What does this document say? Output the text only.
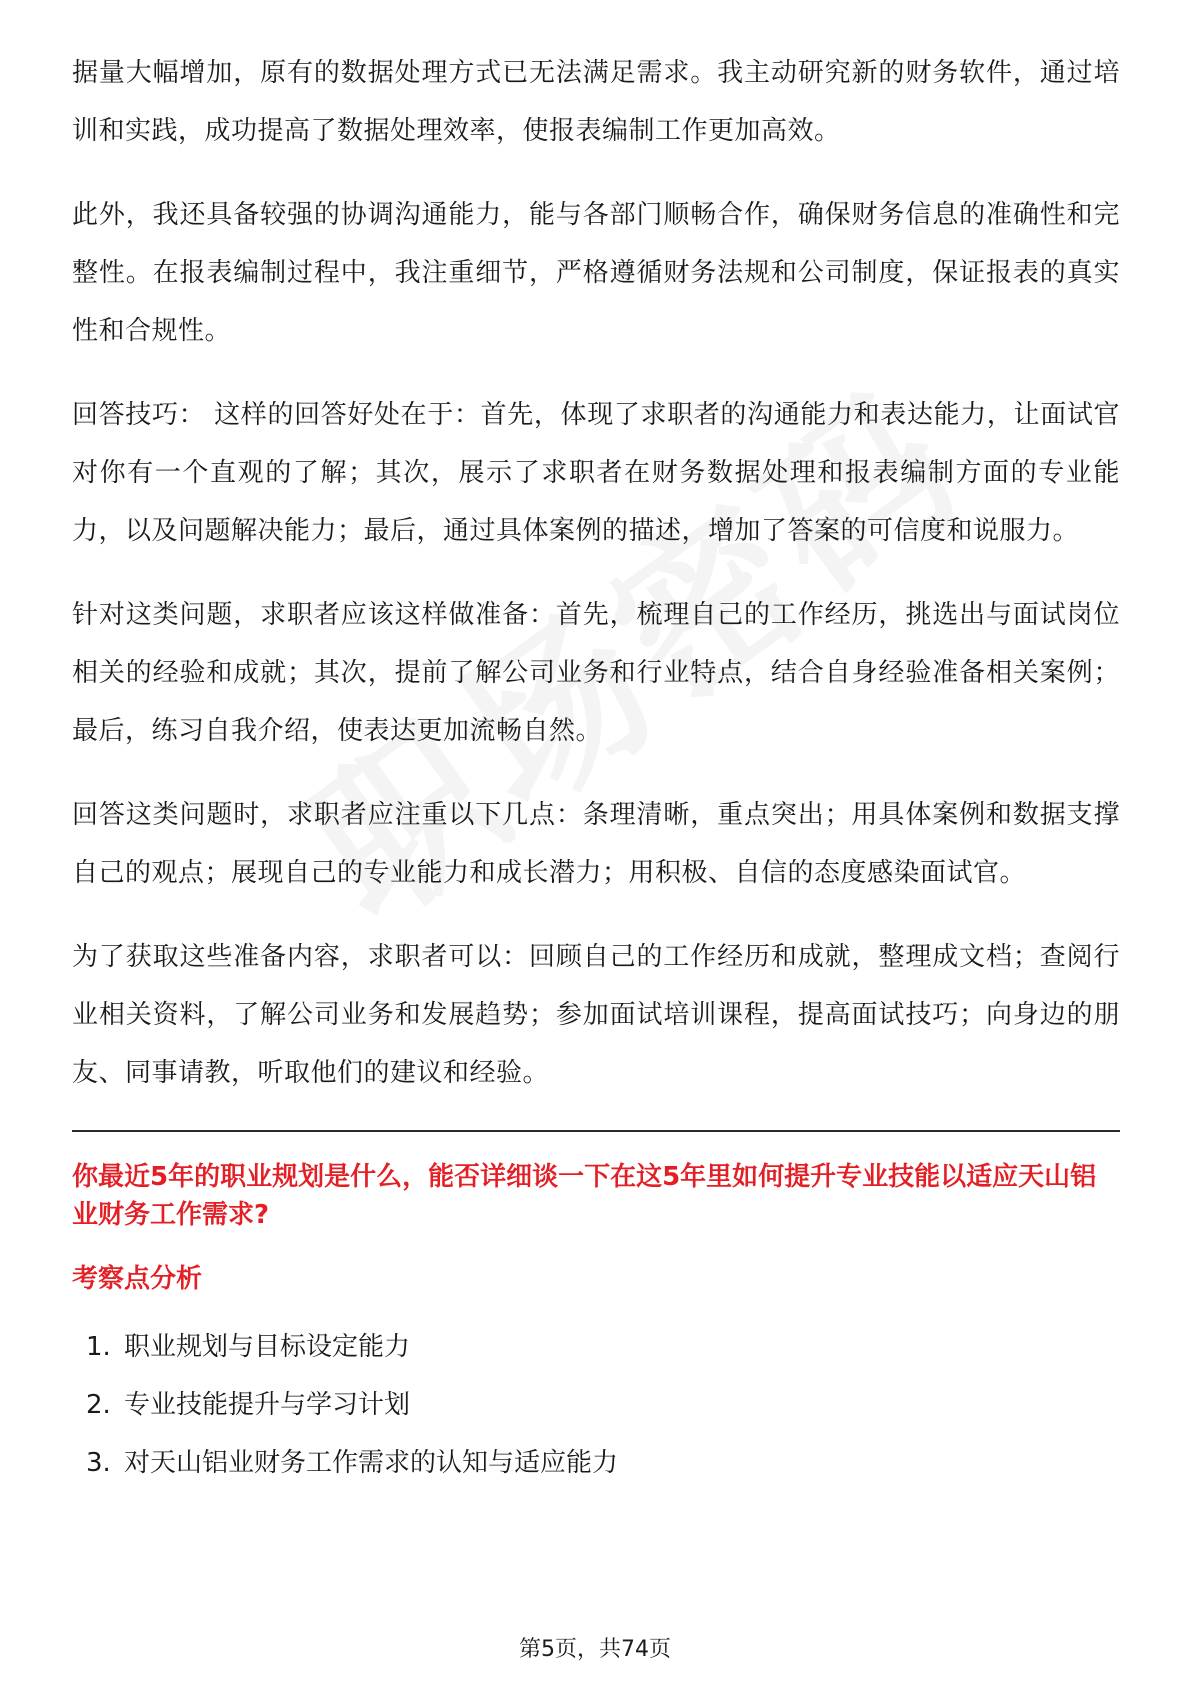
据量大幅增加，原有的数据处理方式已无法满足需求。我主动研究新的财务软件，通过培训和实践，成功提高了数据处理效率，使报表编制工作更加高效。

此外，我还具备较强的协调沟通能力，能与各部门顺畅合作，确保财务信息的准确性和完整性。在报表编制过程中，我注重细节，严格遵循财务法规和公司制度，保证报表的真实性和合规性。

回答技巧： 这样的回答好处在于：首先，体现了求职者的沟通能力和表达能力，让面试官对你有一个直观的了解；其次，展示了求职者在财务数据处理和报表编制方面的专业能力，以及问题解决能力；最后，通过具体案例的描述，增加了答案的可信度和说服力。

针对这类问题，求职者应该这样做准备：首先，梳理自己的工作经历，挑选出与面试岗位相关的经验和成就；其次，提前了解公司业务和行业特点，结合自身经验准备相关案例；最后，练习自我介绍，使表达更加流畅自然。

回答这类问题时，求职者应注重以下几点：条理清晰，重点突出；用具体案例和数据支撑自己的观点；展现自己的专业能力和成长潜力；用积极、自信的态度感染面试官。

为了获取这些准备内容，求职者可以：回顾自己的工作经历和成就，整理成文档；查阅行业相关资料，了解公司业务和发展趋势；参加面试培训课程，提高面试技巧；向身边的朋友、同事请教，听取他们的建议和经验。

你最近5年的职业规划是什么，能否详细谈一下在这5年里如何提升专业技能以适应天山铝业财务工作需求?

考察点分析
1. 职业规划与目标设定能力
2. 专业技能提升与学习计划
3. 对天山铝业财务工作需求的认知与适应能力
第5页，共74页
